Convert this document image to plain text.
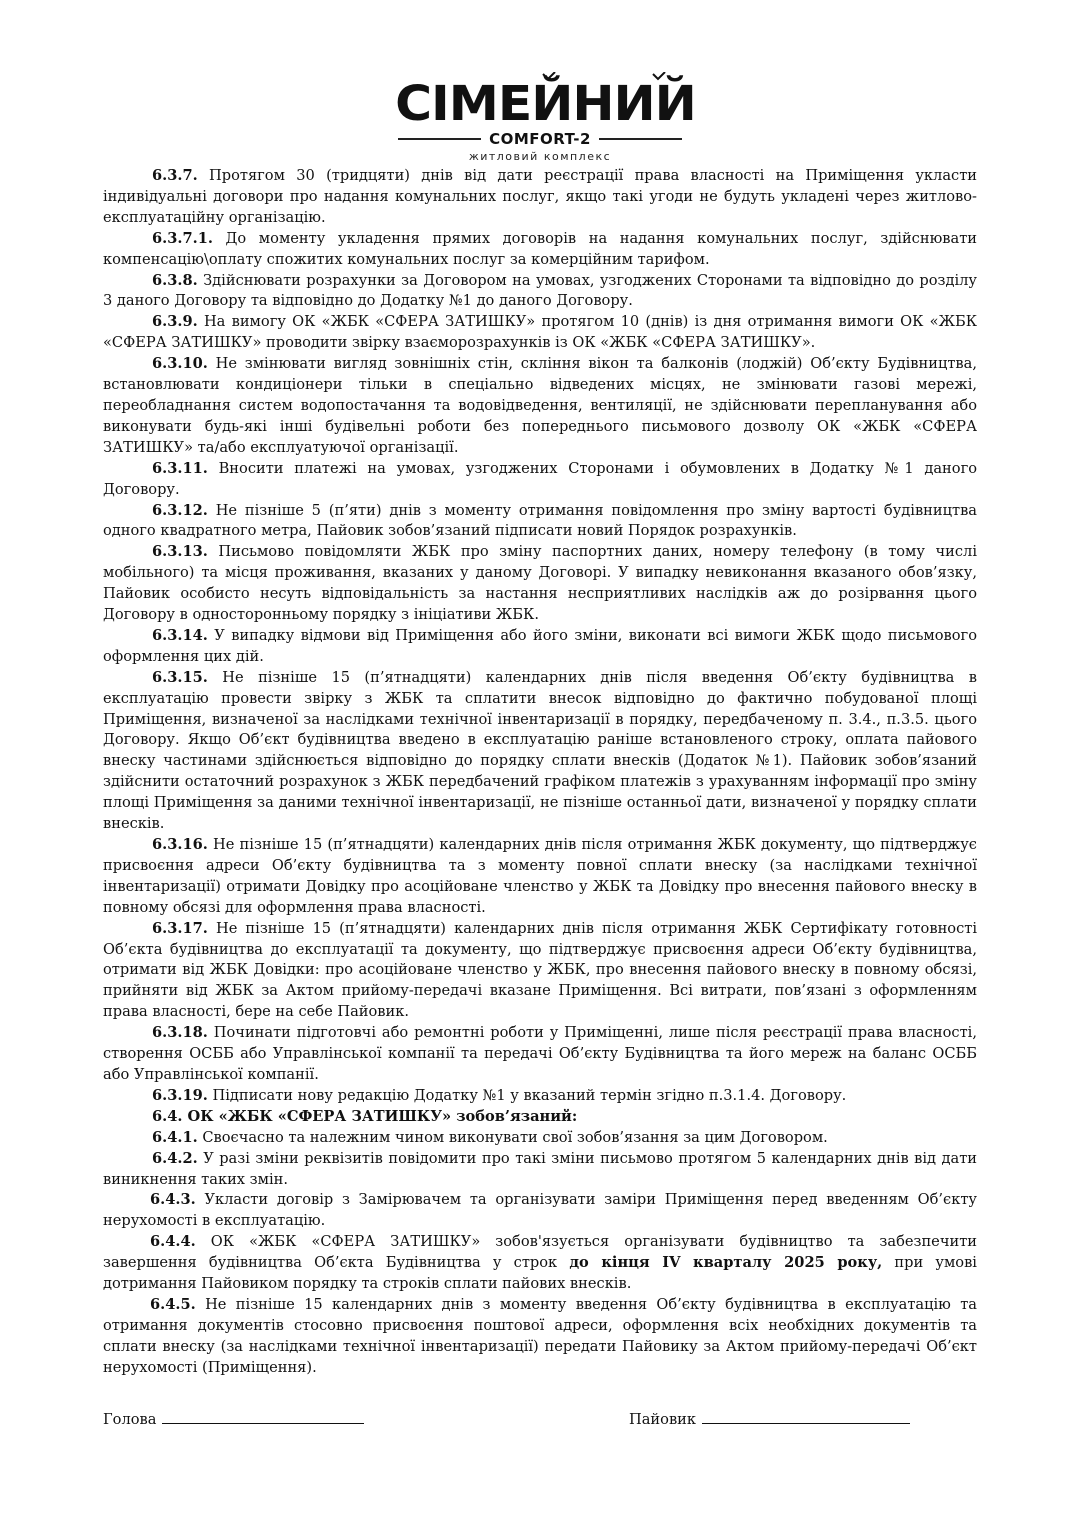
СІМЕЙНИЙ
COMFORT-2
житловий комплекс

6.3.7. Протягом 30 (тридцяти) днів від дати реєстрації права власності на Приміщення укласти індивідуальні договори про надання комунальних послуг, якщо такі угоди не будуть укладені через житлово-експлуатаційну організацію.

6.3.7.1. До моменту укладення прямих договорів на надання комунальних послуг, здійснювати компенсацію\оплату спожитих комунальних послуг за комерційним тарифом.

6.3.8. Здійснювати розрахунки за Договором на умовах, узгоджених Сторонами та відповідно до розділу 3 даного Договору та відповідно до Додатку №1 до даного Договору.

6.3.9. На вимогу ОК «ЖБК «СФЕРА ЗАТИШКУ» протягом 10 (днів) із дня отримання вимоги ОК «ЖБК «СФЕРА ЗАТИШКУ» проводити звірку взаєморозрахунків із ОК «ЖБК «СФЕРА ЗАТИШКУ».

6.3.10. Не змінювати вигляд зовнішніх стін, скління вікон та балконів (лоджій) Об’єкту Будівництва, встановлювати кондиціонери тільки в спеціально відведених місцях, не змінювати газові мережі, переобладнання систем водопостачання та водовідведення, вентиляції, не здійснювати перепланування або виконувати будь-які інші будівельні роботи без попереднього письмового дозволу ОК «ЖБК «СФЕРА ЗАТИШКУ» та/або експлуатуючої організації.

6.3.11. Вносити платежі на умовах, узгоджених Сторонами і обумовлених в Додатку №1 даного Договору.

6.3.12. Не пізніше 5 (п’яти) днів з моменту отримання повідомлення про зміну вартості будівництва одного квадратного метра, Пайовик зобов’язаний підписати новий Порядок розрахунків.

6.3.13. Письмово повідомляти ЖБК про зміну паспортних даних, номеру телефону (в тому числі мобільного) та місця проживання, вказаних у даному Договорі. У випадку невиконання вказаного обов’язку, Пайовик особисто несуть відповідальність за настання несприятливих наслідків аж до розірвання цього Договору в односторонньому порядку з ініціативи ЖБК.

6.3.14. У випадку відмови від Приміщення або його зміни, виконати всі вимоги ЖБК щодо письмового оформлення цих дій.

6.3.15. Не пізніше 15 (п’ятнадцяти) календарних днів після введення Об’єкту будівництва в експлуатацію провести звірку з ЖБК та сплатити внесок відповідно до фактично побудованої площі Приміщення, визначеної за наслідками технічної інвентаризації в порядку, передбаченому п. 3.4., п.3.5. цього Договору. Якщо Об’єкт будівництва введено в експлуатацію раніше встановленого строку, оплата пайового внеску частинами здійснюється відповідно до порядку сплати внесків (Додаток №1). Пайовик зобов’язаний здійснити остаточний розрахунок з ЖБК передбачений графіком платежів з урахуванням інформації про зміну площі Приміщення за даними технічної інвентаризації, не пізніше останньої дати, визначеної у порядку сплати внесків.

6.3.16. Не пізніше 15 (п’ятнадцяти) календарних днів після отримання ЖБК документу, що підтверджує присвоєння адреси Об’єкту будівництва та з моменту повної сплати внеску (за наслідками технічної інвентаризації) отримати Довідку про асоційоване членство у ЖБК та Довідку про внесення пайового внеску в повному обсязі для оформлення права власності.

6.3.17. Не пізніше 15 (п’ятнадцяти) календарних днів після отримання ЖБК Сертифікату готовності Об’єкта будівництва до експлуатації та документу, що підтверджує присвоєння адреси Об’єкту будівництва, отримати від ЖБК Довідки: про асоційоване членство у ЖБК, про внесення пайового внеску в повному обсязі, прийняти від ЖБК за Актом прийому-передачі вказане Приміщення. Всі витрати, пов’язані з оформленням права власності, бере на себе Пайовик.

6.3.18. Починати підготовчі або ремонтні роботи у Приміщенні, лише після реєстрації права власності, створення ОСББ або Управлінської компанії та передачі Об’єкту Будівництва та його мереж на баланс ОСББ або Управлінської компанії.

6.3.19. Підписати нову редакцію Додатку №1 у вказаний термін згідно п.3.1.4. Договору.

6.4. ОК «ЖБК «СФЕРА ЗАТИШКУ» зобов’язаний:

6.4.1. Своєчасно та належним чином виконувати свої зобов’язання за цим Договором.

6.4.2. У разі зміни реквізитів повідомити про такі зміни письмово протягом 5 календарних днів від дати виникнення таких змін.

6.4.3. Укласти договір з Замірювачем та організувати заміри Приміщення перед введенням Об’єкту нерухомості в експлуатацію.

6.4.4. ОК «ЖБК «СФЕРА ЗАТИШКУ» зобов'язується організувати будівництво та забезпечити завершення будівництва Об’єкта Будівництва у строк до кінця IV кварталу 2025 року, при умові дотримання Пайовиком порядку та строків сплати пайових внесків.

6.4.5. Не пізніше 15 календарних днів з моменту введення Об’єкту будівництва в експлуатацію та отримання документів стосовно присвоєння поштової адреси, оформлення всіх необхідних документів та сплати внеску (за наслідками технічної інвентаризації) передати Пайовику за Актом прийому-передачі Об’єкт нерухомості (Приміщення).

Голова	Пайовик
